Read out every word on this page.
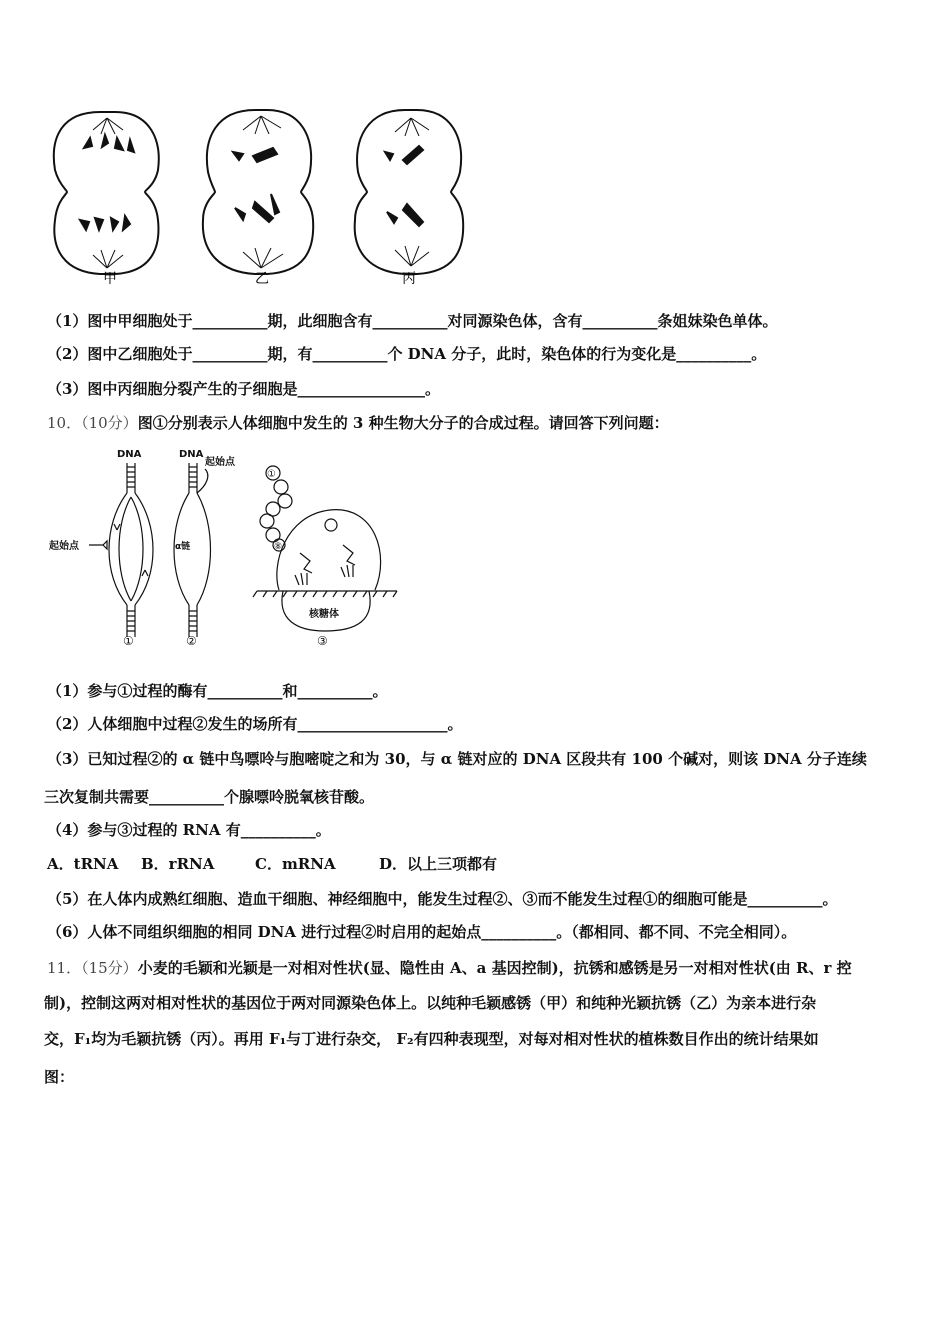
甲	乙	丙
（1）图中甲细胞处于__________期，此细胞含有__________对同源染色体，含有__________条姐妹染色单体。
（2）图中乙细胞处于__________期，有__________个 DNA 分子，此时，染色体的行为变化是__________。
（3）图中丙细胞分裂产生的子细胞是_________________。
10．（10分）图①分别表示人体细胞中发生的 3 种生物大分子的合成过程。请回答下列问题：
DNA
起始点
①
DNA
起始点
α链
②
①
⑧
核糖体
③
（1）参与①过程的酶有__________和__________。
（2）人体细胞中过程②发生的场所有____________________。
（3）已知过程②的 α 链中鸟嘌呤与胞嘧啶之和为 30，与 α 链对应的 DNA 区段共有 100 个碱对，则该 DNA 分子连续
三次复制共需要__________个腺嘌呤脱氧核苷酸。
（4）参与③过程的 RNA 有__________。
A．tRNA B．rRNA	C．mRNA	D．以上三项都有
（5）在人体内成熟红细胞、造血干细胞、神经细胞中，能发生过程②、③而不能发生过程①的细胞可能是__________。
（6）人体不同组织细胞的相同 DNA 进行过程②时启用的起始点__________。（都相同、都不同、不完全相同）。
11．（15分）小麦的毛颖和光颖是一对相对性状(显、隐性由 A、a 基因控制)，抗锈和感锈是另一对相对性状(由 R、r 控
制)，控制这两对相对性状的基因位于两对同源染色体上。以纯种毛颖感锈（甲）和纯种光颖抗锈（乙）为亲本进行杂
交，F₁均为毛颖抗锈（丙）。再用 F₁与丁进行杂交， F₂有四种表现型，对每对相对性状的植株数目作出的统计结果如
图：
